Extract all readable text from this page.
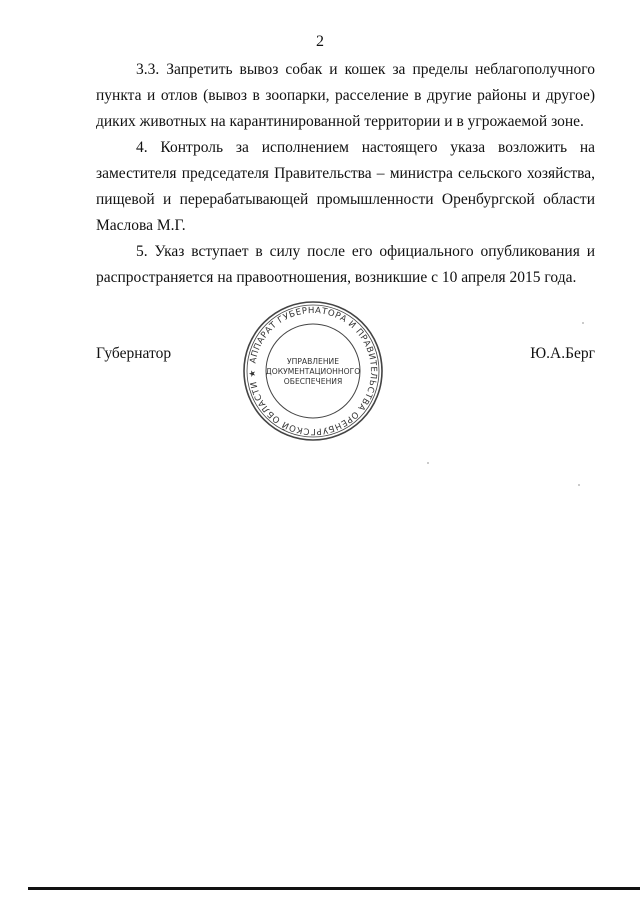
2

3.3. Запретить вывоз собак и кошек за пределы неблагополучного пункта и отлов (вывоз в зоопарки, расселение в другие районы и другое) диких животных на карантинированной территории и в угрожаемой зоне.

4. Контроль за исполнением настоящего указа возложить на заместителя председателя Правительства – министра сельского хозяйства, пищевой и перерабатывающей промышленности Оренбургской области Маслова М.Г.

5. Указ вступает в силу после его официального опубликования и распространяется на правоотношения, возникшие с 10 апреля 2015 года.

Губернатор	Ю.А.Берг
АППАРАТ ГУБЕРНАТОРА И ПРАВИТЕЛЬСТВА ОРЕНБУРГСКОЙ ОБЛАСТИ ★
УПРАВЛЕНИЕ
ДОКУМЕНТАЦИОННОГО
ОБЕСПЕЧЕНИЯ
